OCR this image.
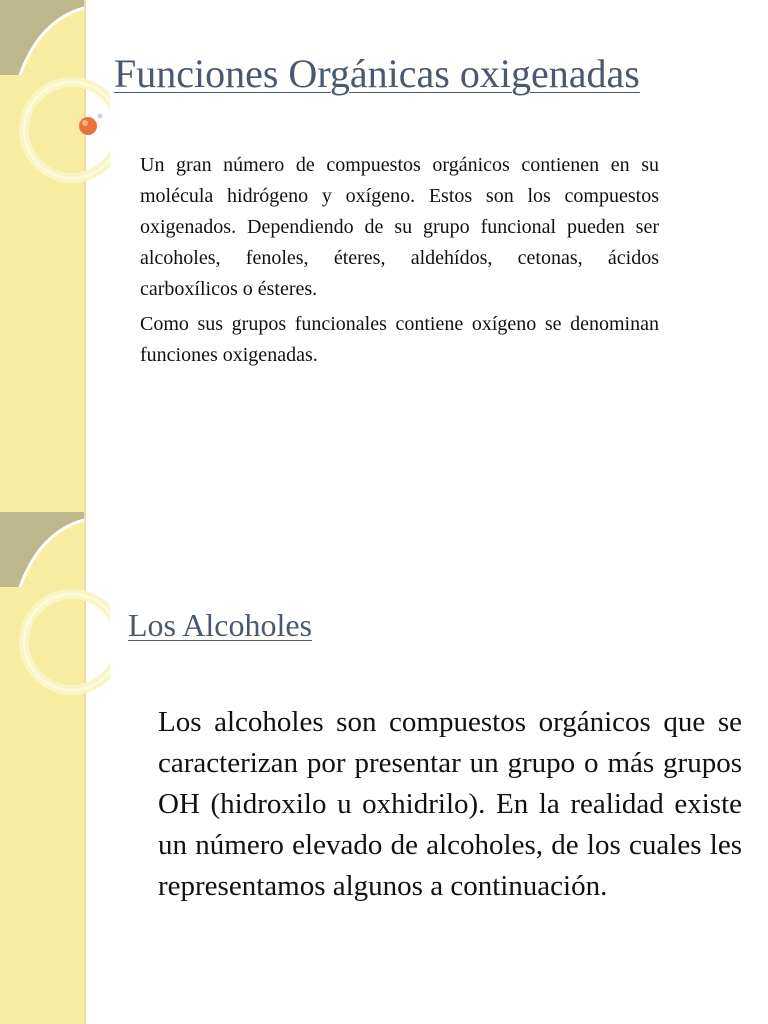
Funciones Orgánicas oxigenadas

Un gran número de compuestos orgánicos contienen en su molécula hidrógeno y oxígeno. Estos son los compuestos oxigenados. Dependiendo de su grupo funcional pueden ser alcoholes, fenoles, éteres, aldehídos, cetonas, ácidos carboxílicos o ésteres.

Como sus grupos funcionales contiene oxígeno se denominan funciones oxigenadas.

Los Alcoholes

Los alcoholes son compuestos orgánicos que se caracterizan por presentar un grupo o más grupos OH (hidroxilo u oxhidrilo). En la realidad existe un número elevado de alcoholes, de los cuales les representamos algunos a continuación.
